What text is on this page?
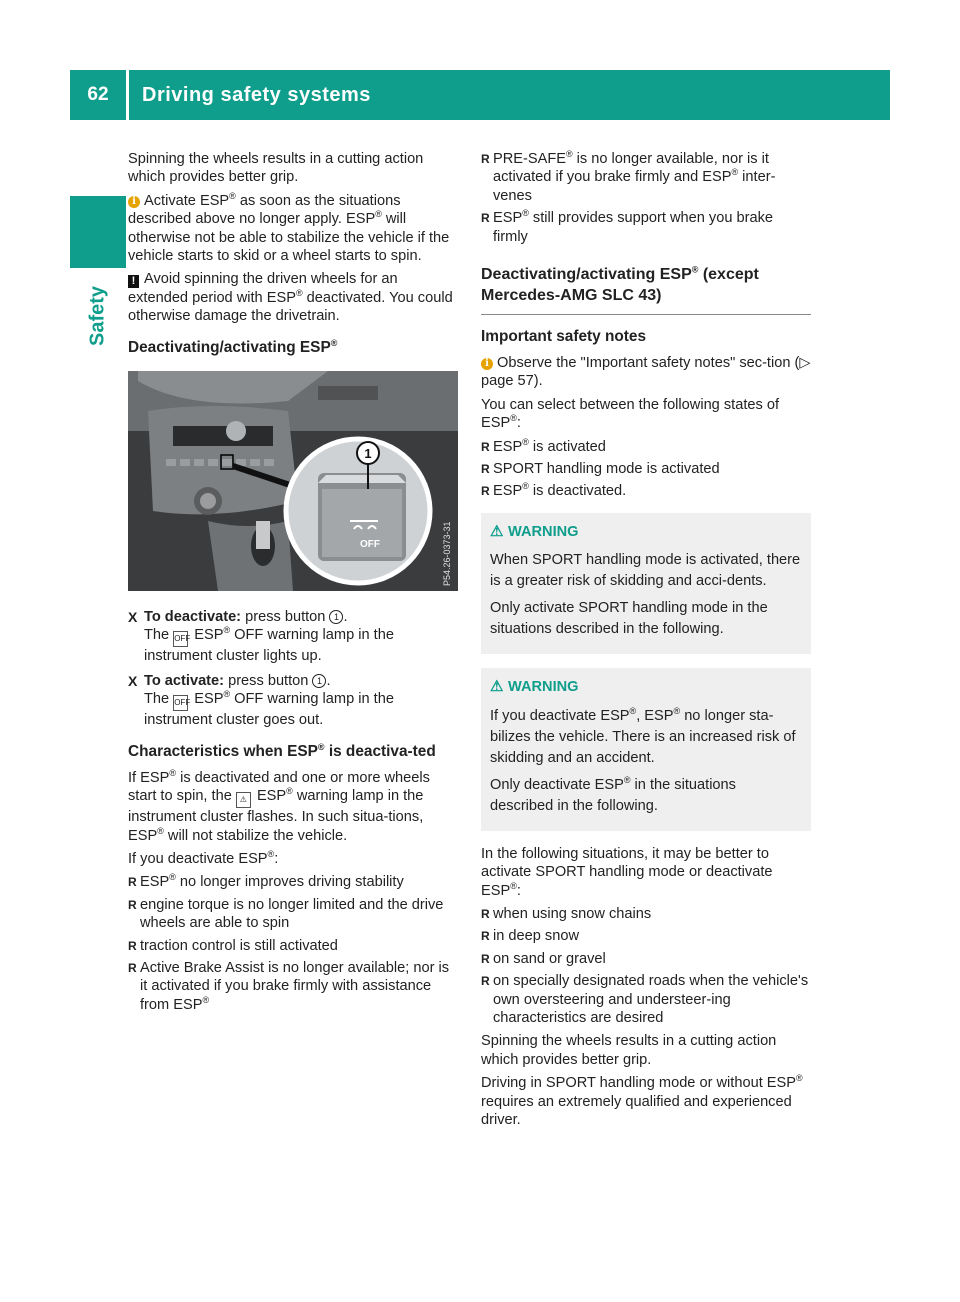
62	Driving safety systems
Safety

Spinning the wheels results in a cutting action which provides better grip.

i Activate ESP® as soon as the situations described above no longer apply. ESP® will otherwise not be able to stabilize the vehicle if the vehicle starts to skid or a wheel starts to spin.

! Avoid spinning the driven wheels for an extended period with ESP® deactivated. You could otherwise damage the drivetrain.

Deactivating/activating ESP®
1
OFF	P54.26-0373-31
X To deactivate: press button 1 .
The OFF ESP® OFF warning lamp in the instrument cluster lights up.
X To activate: press button 1 .
The OFF ESP® OFF warning lamp in the instrument cluster goes out.
Characteristics when ESP® is deactiva-ted

If ESP® is deactivated and one or more wheels start to spin, the ⚠ ESP® warning lamp in the instrument cluster flashes. In such situa-tions, ESP® will not stabilize the vehicle.

If you deactivate ESP®:

R ESP® no longer improves driving stability
R engine torque is no longer limited and the drive wheels are able to spin
R traction control is still activated
R Active Brake Assist is no longer available; nor is it activated if you brake firmly with assistance from ESP®
R PRE-SAFE® is no longer available, nor is it activated if you brake firmly and ESP® inter-venes
R ESP® still provides support when you brake firmly
Deactivating/activating ESP® (except Mercedes-AMG SLC 43)
Important safety notes

i Observe the "Important safety notes" sec-tion (▷ page 57).

You can select between the following states of ESP®:

R ESP® is activated
R SPORT handling mode is activated
R ESP® is deactivated.
⚠ WARNING

When SPORT handling mode is activated, there is a greater risk of skidding and acci-dents.

Only activate SPORT handling mode in the situations described in the following.

⚠ WARNING

If you deactivate ESP®, ESP® no longer sta-bilizes the vehicle. There is an increased risk of skidding and an accident.

Only deactivate ESP® in the situations described in the following.

In the following situations, it may be better to activate SPORT handling mode or deactivate ESP®:

R when using snow chains
R in deep snow
R on sand or gravel
R on specially designated roads when the vehicle's own oversteering and understeer-ing characteristics are desired

Spinning the wheels results in a cutting action which provides better grip.

Driving in SPORT handling mode or without ESP® requires an extremely qualified and experienced driver.
